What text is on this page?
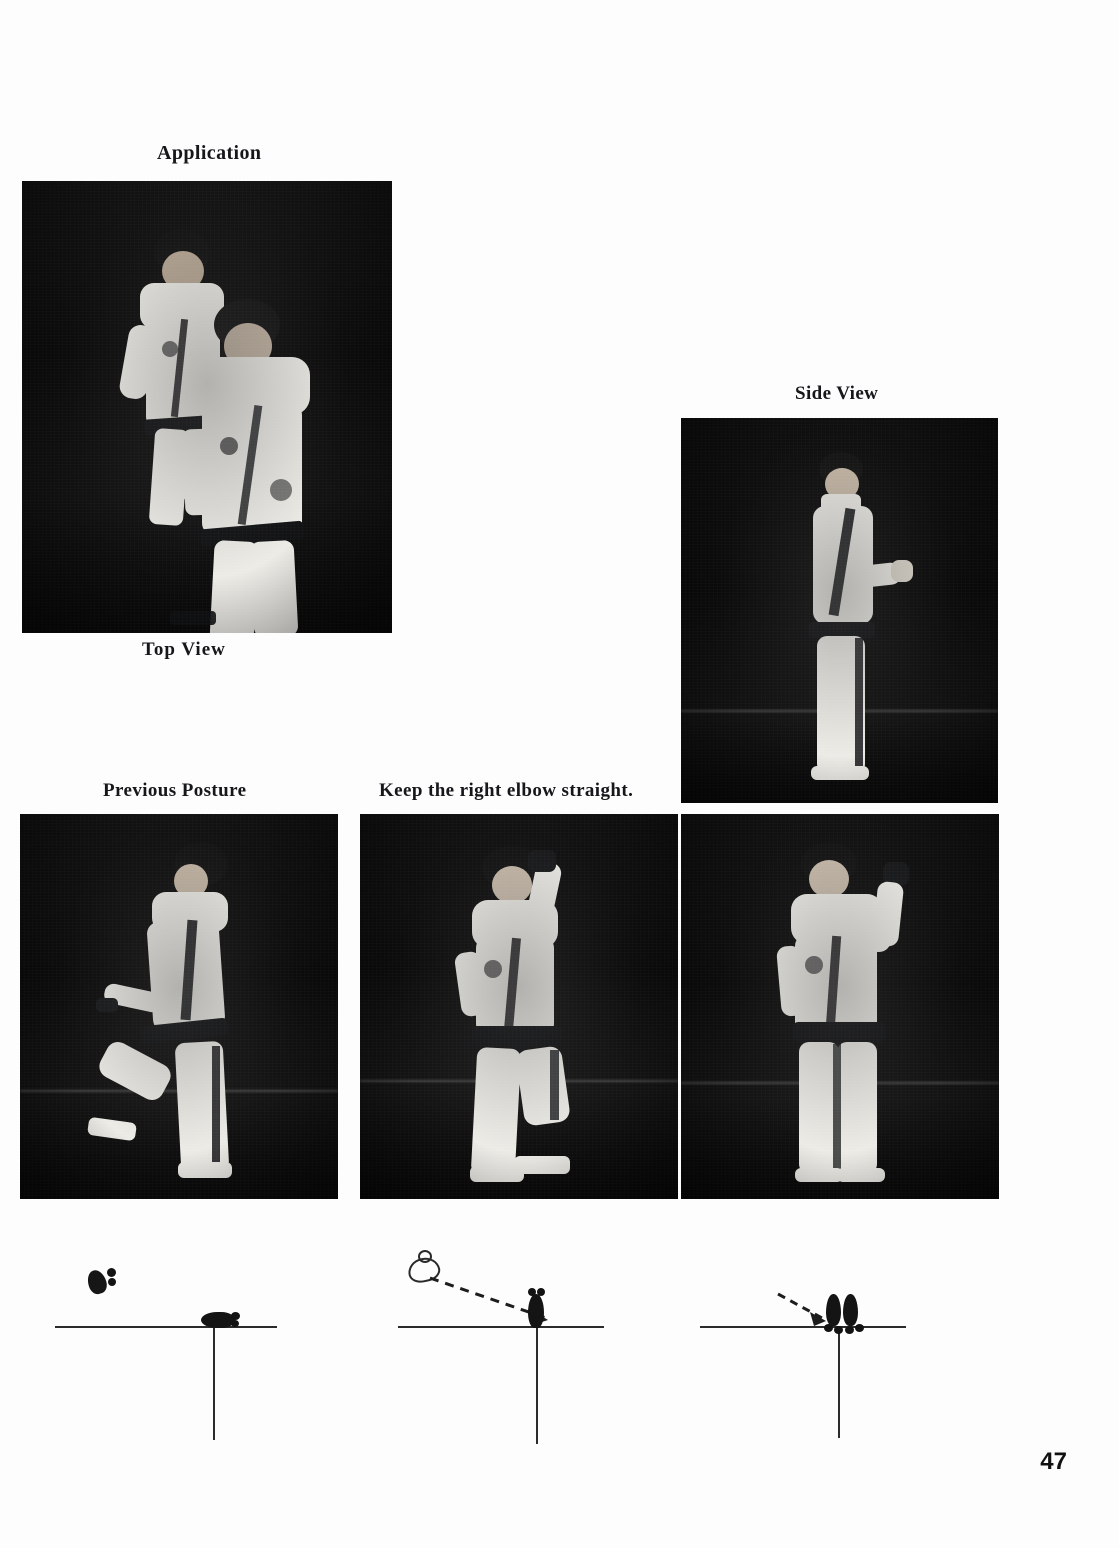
Application
Top View
Side View
Previous Posture	Keep the right elbow straight.
47
